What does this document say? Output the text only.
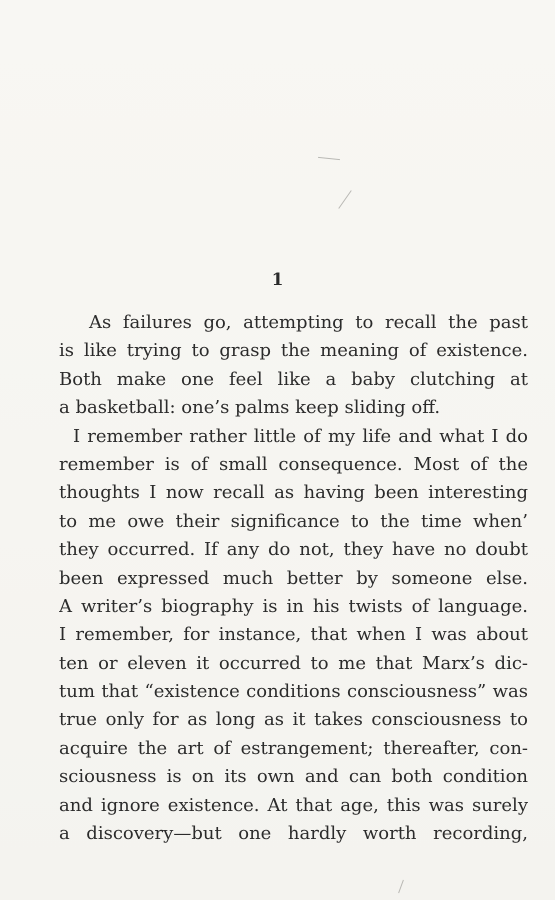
1
As failures go, attempting to recall the past
is like trying to grasp the meaning of existence.
Both make one feel like a baby clutching at
a basketball: one’s palms keep sliding off.
I remember rather little of my life and what I do
remember is of small consequence. Most of the
thoughts I now recall as having been interesting
to me owe their significance to the time when’
they occurred. If any do not, they have no doubt
been expressed much better by someone else.
A writer’s biography is in his twists of language.
I remember, for instance, that when I was about
ten or eleven it occurred to me that Marx’s dic-
tum that “existence conditions consciousness” was
true only for as long as it takes consciousness to
acquire the art of estrangement; thereafter, con-
sciousness is on its own and can both condition
and ignore existence. At that age, this was surely
a discovery—but one hardly worth recording,
